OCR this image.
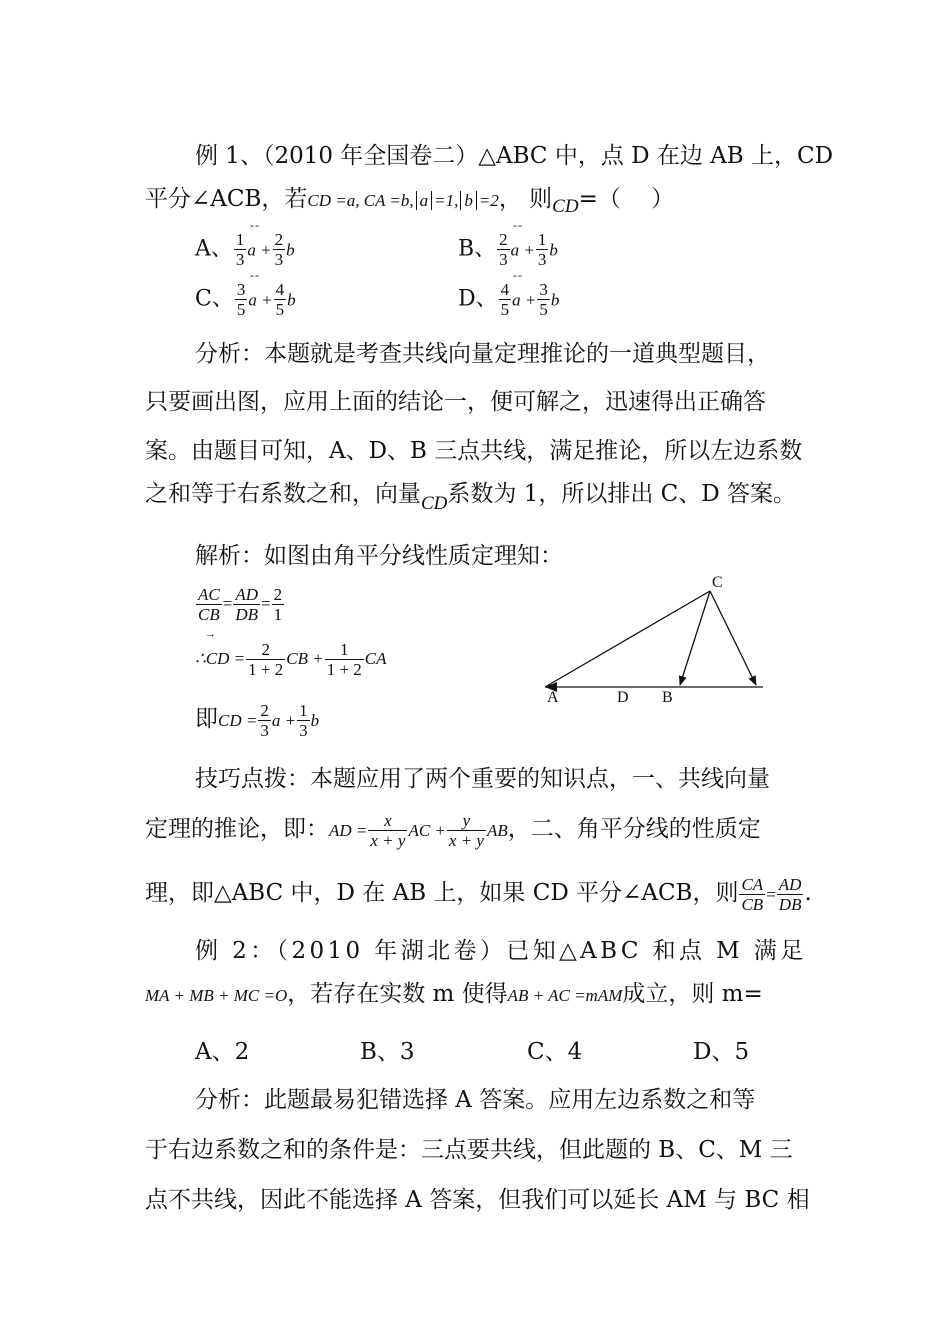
例 1、（2010 年全国卷二）△ABC 中，点 D 在边 AB 上，CD
平分∠ACB，若CD =a, CA =b, a =1, b =2， 则$_{CD}$=（　 ）
--	--
--	--
A、 $\frac{1}{3}$ $a + \frac{2}{3}$ b	B、 $\frac{2}{3}$ $a + \frac{1}{3}$ b
C、 $\frac{3}{5}$ $a + \frac{4}{5}$ b	D、 $\frac{4}{5}$ $a + \frac{3}{5}$ b
分析：本题就是考查共线向量定理推论的一道典型题目，
只要画出图，应用上面的结论一，便可解之，迅速得出正确答
案。由题目可知，A、D、B 三点共线，满足推论，所以左边系数
之和等于右系数之和，向量$_{CD}$系数为 1，所以排出 C、D 答案。
解析：如图由角平分线性质定理知：
$\frac{AC}{CB} = \frac{AD}{DB} = \frac{2}{1}$
→
∴CD = $\frac{2}{1 + 2}$ CB + $\frac{1}{1 + 2}$ CA
即CD = $\frac{2}{3}$ $a + \frac{1}{3}$ b
C
A	D B
技巧点拨：本题应用了两个重要的知识点，一、共线向量
定理的推论，即：AD = $\frac{x}{x + y}$ AC + $\frac{y}{x + y}$ AB，二、角平分线的性质定
理，即△ABC 中，D 在 AB 上，如果 CD 平分∠ACB，则 $\frac{CA}{CB} = \frac{AD}{DB}$ .
例 2：（2010 年湖北卷）已知△ABC 和点 M 满足
MA + MB + MC =O，若存在实数 m 使得AB + AC =mAM成立，则 m=
A、2	B、3	C、4	D、5
分析：此题最易犯错选择 A 答案。应用左边系数之和等
于右边系数之和的条件是：三点要共线，但此题的 B、C、M 三
点不共线，因此不能选择 A 答案，但我们可以延长 AM 与 BC 相
